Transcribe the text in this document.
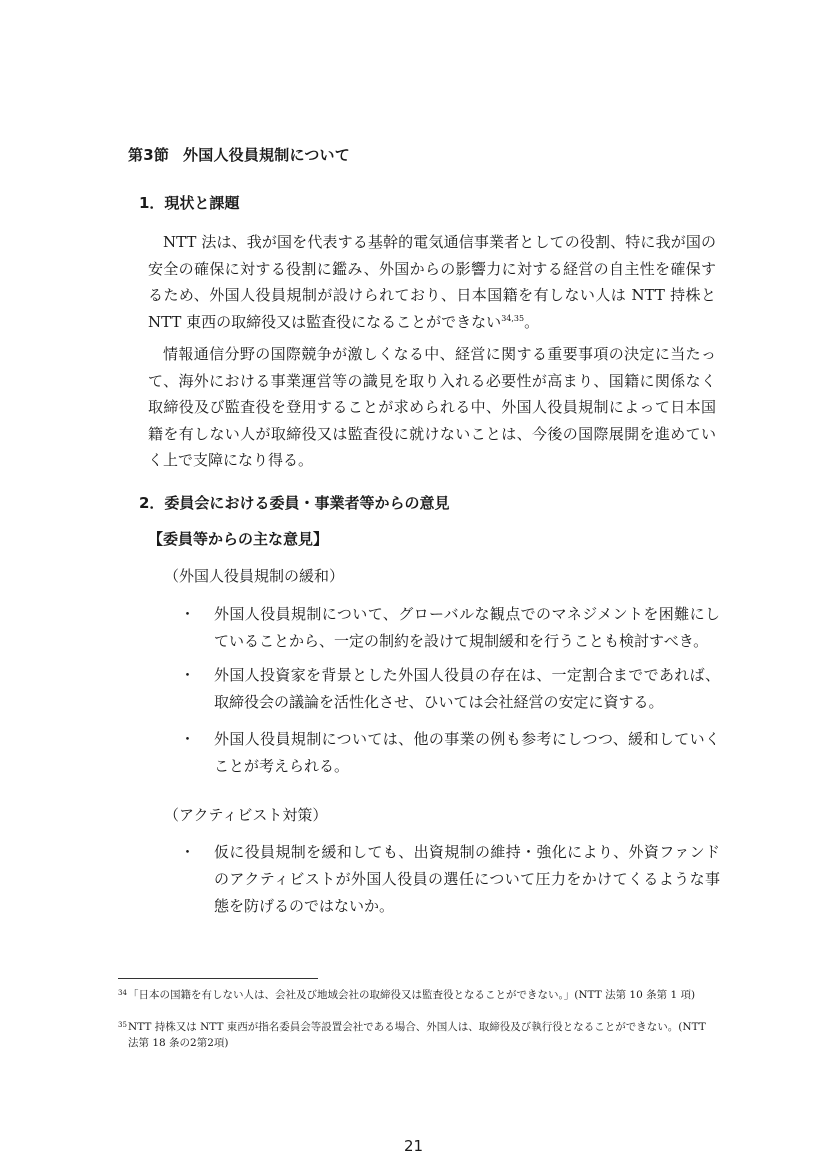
第3節 外国人役員規制について
1．現状と課題

NTT 法は、我が国を代表する基幹的電気通信事業者としての役割、特に我が国の安全の確保に対する役割に鑑み、外国からの影響力に対する経営の自主性を確保するため、外国人役員規制が設けられており、日本国籍を有しない人は NTT 持株と NTT 東西の取締役又は監査役になることができない$^{34,35}$。

情報通信分野の国際競争が激しくなる中、経営に関する重要事項の決定に当たって、海外における事業運営等の識見を取り入れる必要性が高まり、国籍に関係なく取締役及び監査役を登用することが求められる中、外国人役員規制によって日本国籍を有しない人が取締役又は監査役に就けないことは、今後の国際展開を進めていく上で支障になり得る。

2．委員会における委員・事業者等からの意見
【委員等からの主な意見】
（外国人役員規制の緩和）
・ 外国人役員規制について、グローバルな観点でのマネジメントを困難にしていることから、一定の制約を設けて規制緩和を行うことも検討すべき。
・ 外国人投資家を背景とした外国人役員の存在は、一定割合までであれば、取締役会の議論を活性化させ、ひいては会社経営の安定に資する。
・ 外国人役員規制については、他の事業の例も参考にしつつ、緩和していくことが考えられる。
（アクティビスト対策）
・ 仮に役員規制を緩和しても、出資規制の維持・強化により、外資ファンドのアクティビストが外国人役員の選任について圧力をかけてくるような事態を防げるのではないか。
34 「日本の国籍を有しない人は、会社及び地域会社の取締役又は監査役となることができない。」(NTT 法第 10 条第 1 項)
35 NTT 持株又は NTT 東西が指名委員会等設置会社である場合、外国人は、取締役及び執行役となることができない。(NTT 法第 18 条の2第2項)
21
